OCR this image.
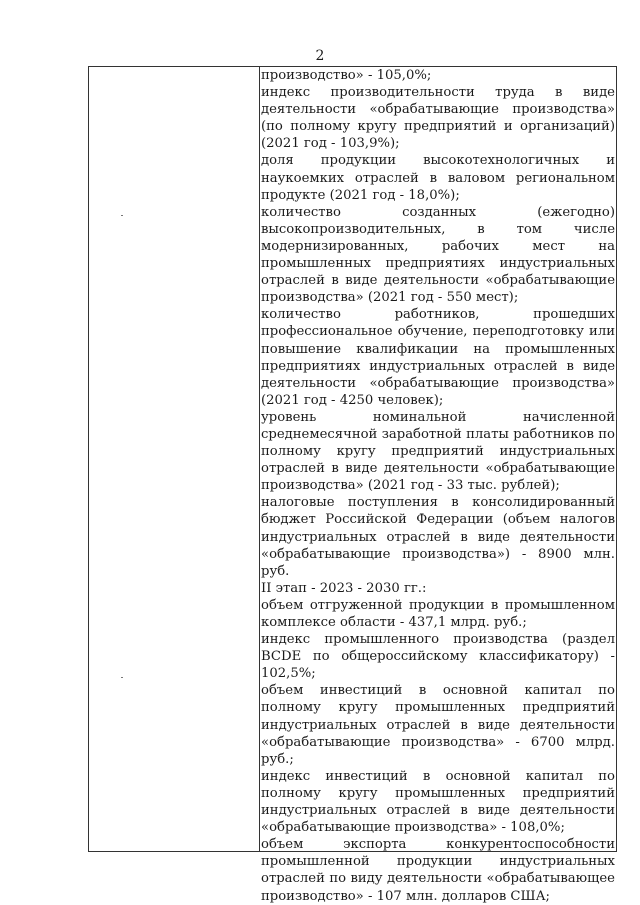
2

производство» - 105,0%;

индекс производительности труда в виде деятельности «обрабатывающие производства» (по полному кругу предприятий и организаций) (2021 год - 103,9%);

доля продукции высокотехнологичных и наукоемких отраслей в валовом региональном продукте (2021 год - 18,0%);

количество созданных (ежегодно) высокопроизводительных, в том числе модернизированных, рабочих мест на промышленных предприятиях индустриальных отраслей в виде деятельности «обрабатывающие производства» (2021 год - 550 мест);

количество работников, прошедших профессиональное обучение, переподготовку или повышение квалификации на промышленных предприятиях индустриальных отраслей в виде деятельности «обрабатывающие производства» (2021 год - 4250 человек);

уровень номинальной начисленной среднемесячной заработной платы работников по полному кругу предприятий индустриальных отраслей в виде деятельности «обрабатывающие производства» (2021 год - 33 тыс. рублей);

налоговые поступления в консолидированный бюджет Российской Федерации (объем налогов индустриальных отраслей в виде деятельности «обрабатывающие производства») - 8900 млн. руб.

II этап - 2023 - 2030 гг.:

объем отгруженной продукции в промышленном комплексе области - 437,1 млрд. руб.;

индекс промышленного производства (раздел BCDE по общероссийскому классификатору) - 102,5%;

объем инвестиций в основной капитал по полному кругу промышленных предприятий индустриальных отраслей в виде деятельности «обрабатывающие производства» - 6700 млрд. руб.;

индекс инвестиций в основной капитал по полному кругу промышленных предприятий индустриальных отраслей в виде деятельности «обрабатывающие производства» - 108,0%;

объем экспорта конкурентоспособности промышленной продукции индустриальных отраслей по виду деятельности «обрабатывающее производство» - 107 млн. долларов США;
